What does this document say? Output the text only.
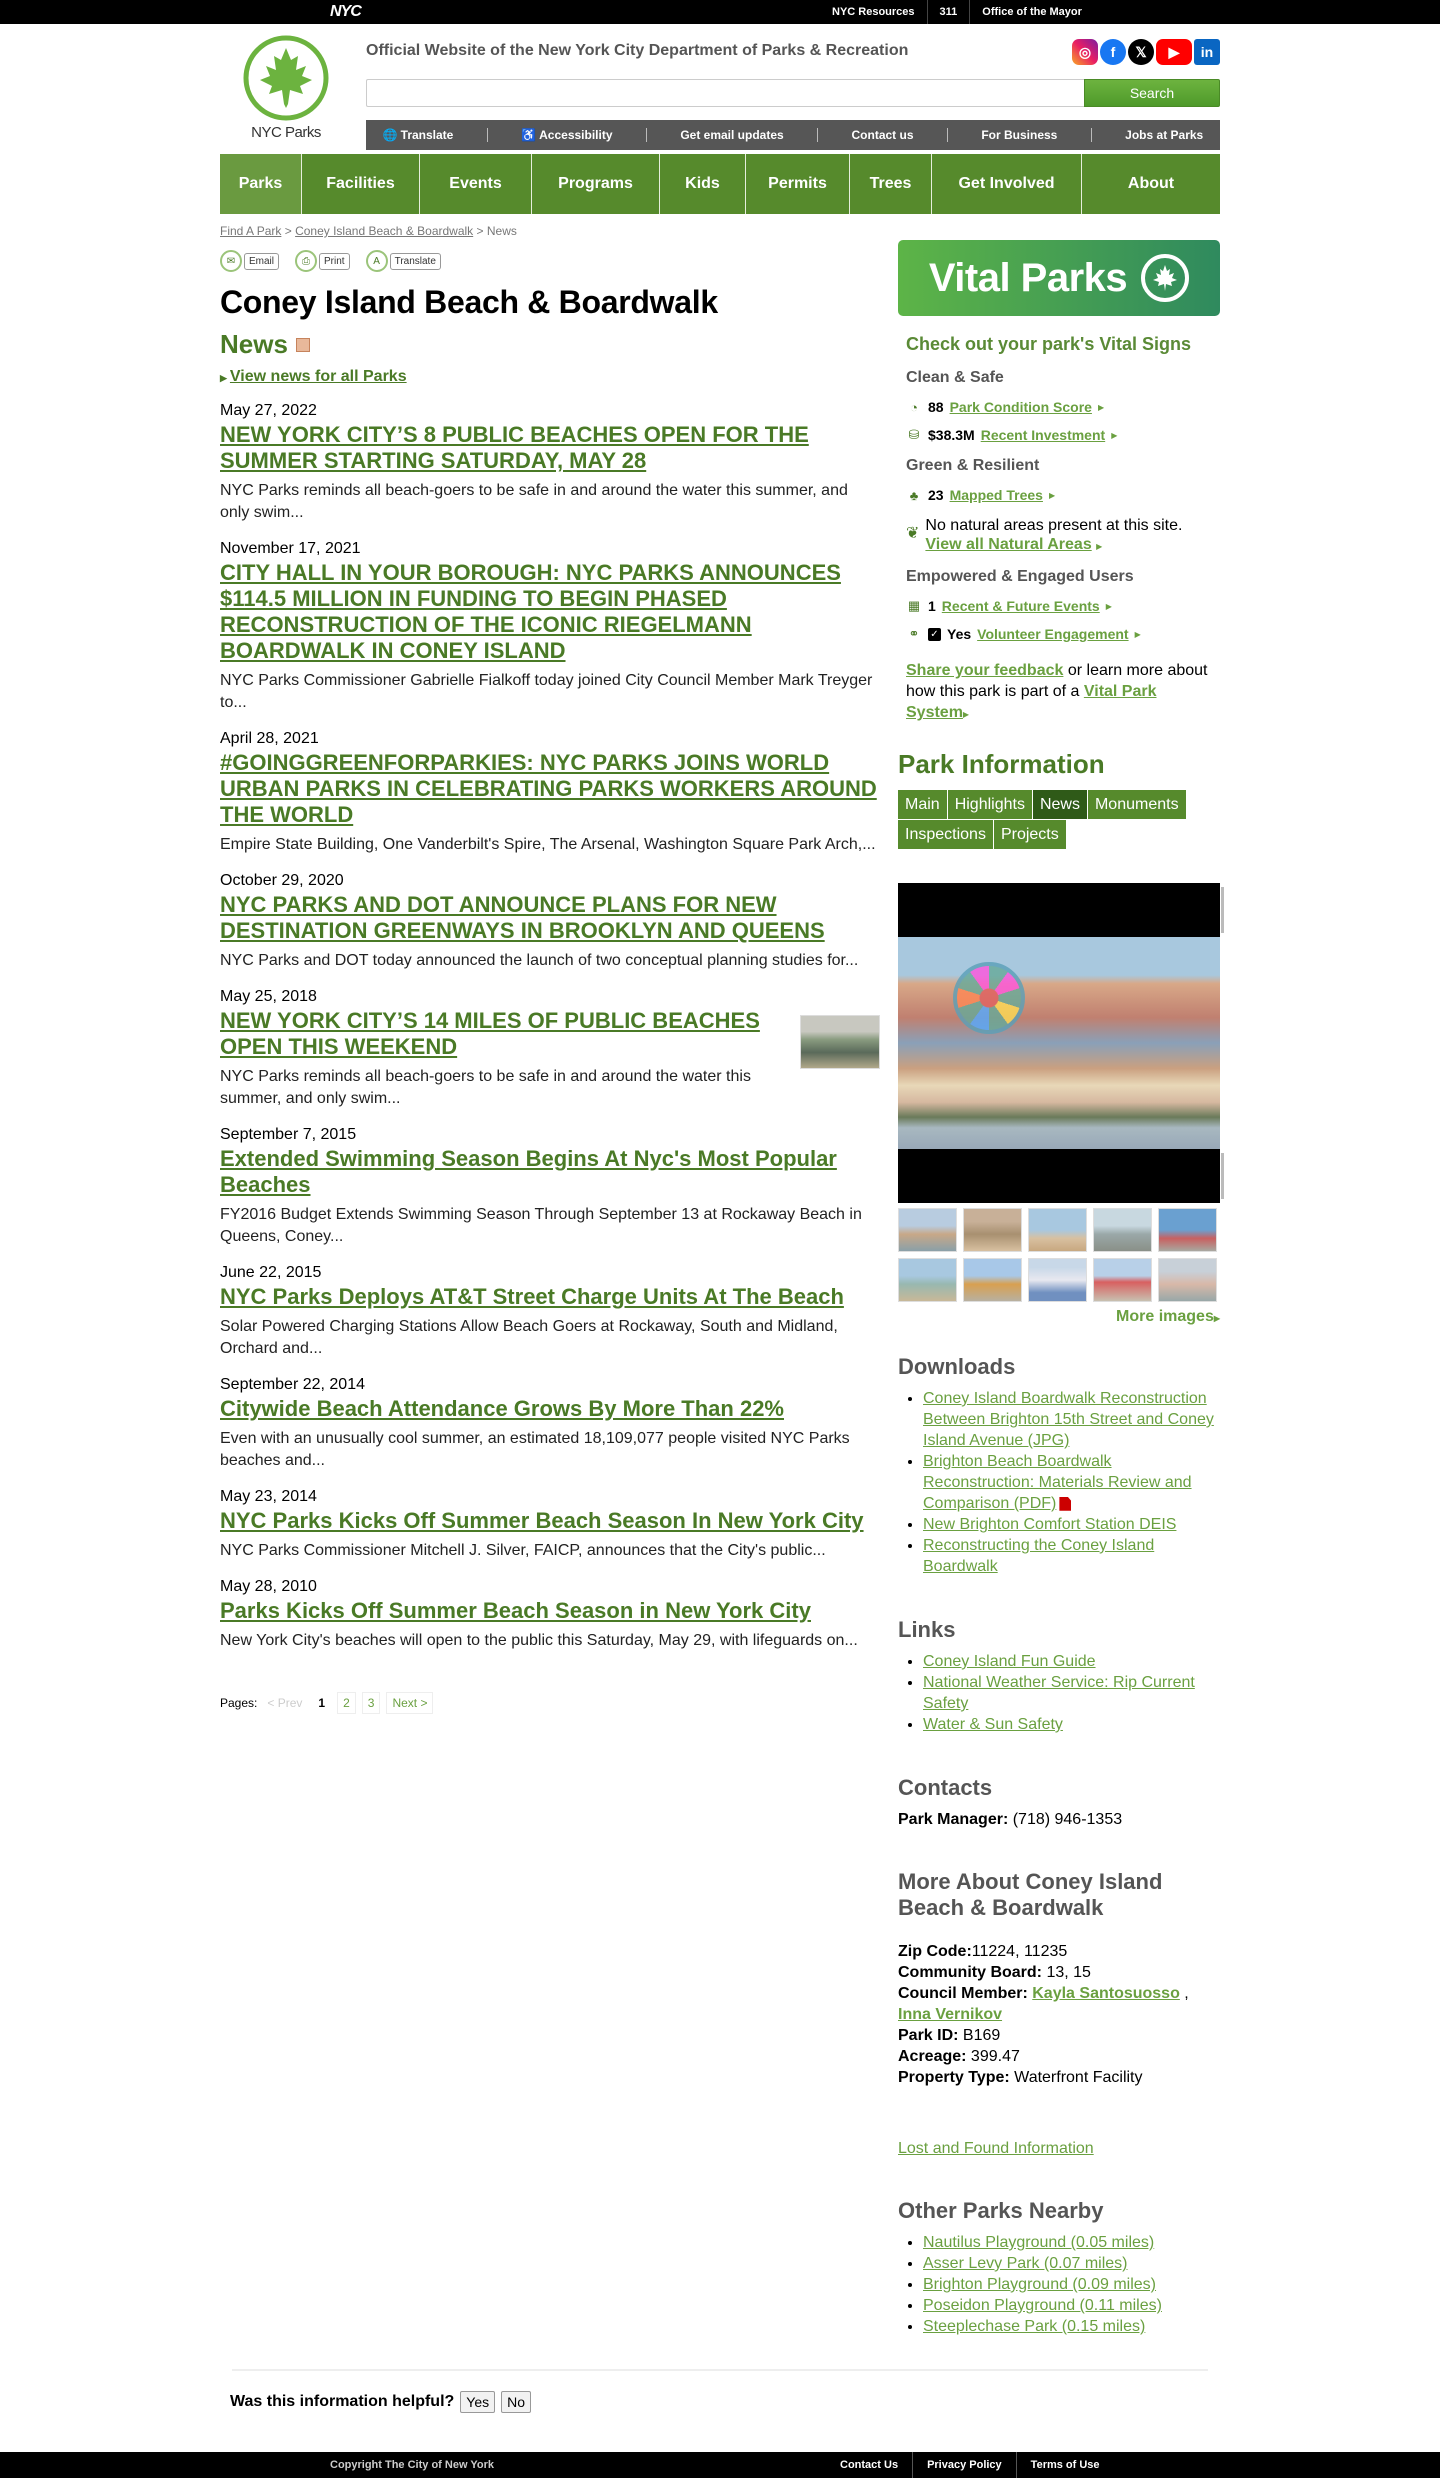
NYC	NYC Resources	311	Office of the Mayor
NYC Parks
Official Website of the New York City Department of Parks & Recreation	◎	f	𝕏	▶	in
Search
🌐 Translate	♿ Accessibility	Get email updates	Contact us	For Business	Jobs at Parks
Parks	Facilities	Events	Programs	Kids	Permits	Trees	Get Involved	About
Find A Park > Coney Island Beach & Boardwalk > News
✉	Email	⎙	Print	A	Translate
Coney Island Beach & Boardwalk
News
▶ View news for all Parks
May 27, 2022
NEW YORK CITY’S 8 PUBLIC BEACHES OPEN FOR THE SUMMER STARTING SATURDAY, MAY 28
NYC Parks reminds all beach-goers to be safe in and around the water this summer, and only swim...
November 17, 2021
CITY HALL IN YOUR BOROUGH: NYC PARKS ANNOUNCES $114.5 MILLION IN FUNDING TO BEGIN PHASED RECONSTRUCTION OF THE ICONIC RIEGELMANN BOARDWALK IN CONEY ISLAND
NYC Parks Commissioner Gabrielle Fialkoff today joined City Council Member Mark Treyger to...
April 28, 2021
#GOINGGREENFORPARKIES: NYC PARKS JOINS WORLD URBAN PARKS IN CELEBRATING PARKS WORKERS AROUND THE WORLD
Empire State Building, One Vanderbilt's Spire, The Arsenal, Washington Square Park Arch,...
October 29, 2020
NYC PARKS AND DOT ANNOUNCE PLANS FOR NEW DESTINATION GREENWAYS IN BROOKLYN AND QUEENS
NYC Parks and DOT today announced the launch of two conceptual planning studies for...
May 25, 2018
NEW YORK CITY’S 14 MILES OF PUBLIC BEACHES OPEN THIS WEEKEND
NYC Parks reminds all beach-goers to be safe in and around the water this summer, and only swim...
September 7, 2015
Extended Swimming Season Begins At Nyc's Most Popular Beaches
FY2016 Budget Extends Swimming Season Through September 13 at Rockaway Beach in Queens, Coney...
June 22, 2015
NYC Parks Deploys AT&T Street Charge Units At The Beach
Solar Powered Charging Stations Allow Beach Goers at Rockaway, South and Midland, Orchard and...
September 22, 2014
Citywide Beach Attendance Grows By More Than 22%
Even with an unusually cool summer, an estimated 18,109,077 people visited NYC Parks beaches and...
May 23, 2014
NYC Parks Kicks Off Summer Beach Season In New York City
NYC Parks Commissioner Mitchell J. Silver, FAICP, announces that the City's public...
May 28, 2010
Parks Kicks Off Summer Beach Season in New York City
New York City's beaches will open to the public this Saturday, May 29, with lifeguards on...
Pages: < Prev	1	2	3	Next >
Vital Parks
Check out your park's Vital Signs
Clean & Safe
◔ 88 Park Condition Score ▶
⛁ $38.3M Recent Investment ▶
Green & Resilient
♣ 23 Mapped Trees ▶
❦ No natural areas present at this site.
View all Natural Areas ▶
Empowered & Engaged Users
▦ 1 Recent & Future Events ▶
⚭ ✓ Yes Volunteer Engagement ▶
Share your feedback or learn more about how this park is part of a Vital Park System▶
Park Information
Main Highlights News Monuments
Inspections Projects
More images▶
Downloads
• Coney Island Boardwalk Reconstruction Between Brighton 15th Street and Coney Island Avenue (JPG)
• Brighton Beach Boardwalk Reconstruction: Materials Review and Comparison (PDF)
• New Brighton Comfort Station DEIS
• Reconstructing the Coney Island Boardwalk
Links
• Coney Island Fun Guide
• National Weather Service: Rip Current Safety
• Water & Sun Safety
Contacts
Park Manager: (718) 946-1353
More About Coney Island Beach & Boardwalk
Zip Code:11224, 11235
Community Board: 13, 15
Council Member: Kayla Santosuosso , Inna Vernikov
Park ID: B169
Acreage: 399.47
Property Type: Waterfront Facility
Lost and Found Information
Other Parks Nearby
• Nautilus Playground (0.05 miles)
• Asser Levy Park (0.07 miles)
• Brighton Playground (0.09 miles)
• Poseidon Playground (0.11 miles)
• Steeplechase Park (0.15 miles)
Was this information helpful? Yes	No
Copyright The City of New York	Contact Us	Privacy Policy	Terms of Use
